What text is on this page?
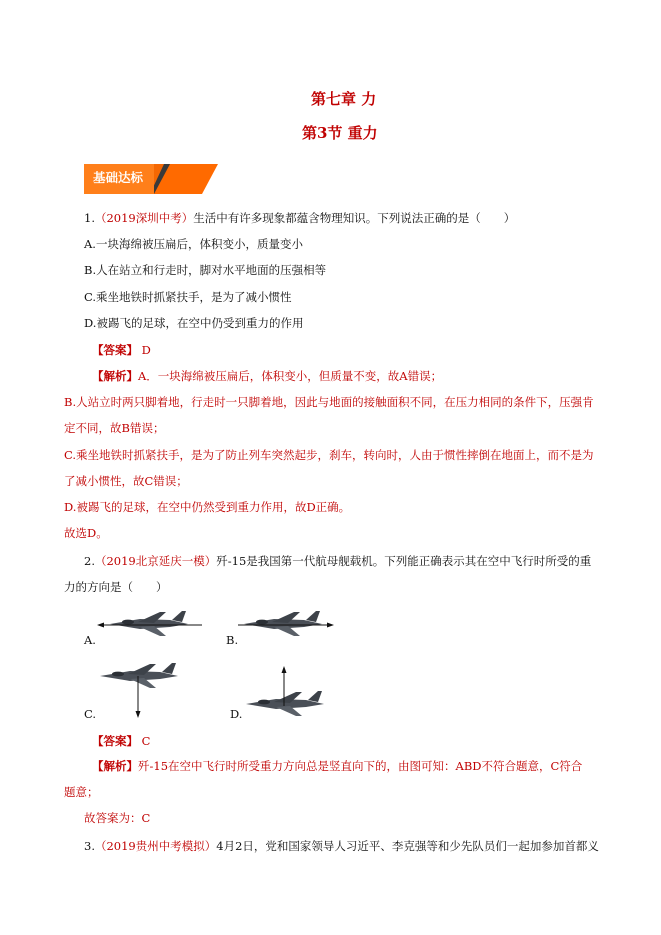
第七章 力
第3节 重力
基础达标
1.（2019深圳中考）生活中有许多现象都蕴含物理知识。下列说法正确的是（　　）
A.一块海绵被压扁后，体积变小，质量变小
B.人在站立和行走时，脚对水平地面的压强相等
C.乘坐地铁时抓紧扶手，是为了减小惯性
D.被踢飞的足球，在空中仍受到重力的作用
【答案】 D
【解析】A．一块海绵被压扁后，体积变小，但质量不变，故A错误；
B.人站立时两只脚着地，行走时一只脚着地，因此与地面的接触面积不同，在压力相同的条件下，压强肯
定不同，故B错误；
C.乘坐地铁时抓紧扶手，是为了防止列车突然起步，刹车，转向时，人由于惯性摔倒在地面上，而不是为
了减小惯性，故C错误；
D.被踢飞的足球，在空中仍然受到重力作用，故D正确。
故选D。
2.（2019北京延庆一模）歼-15是我国第一代航母舰载机。下列能正确表示其在空中飞行时所受的重
力的方向是（　　）
A.	B.
C.	D.
【答案】 C
【解析】歼-15在空中飞行时所受重力方向总是竖直向下的，由图可知：ABD不符合题意，C符合
题意；
故答案为：C
3.（2019贵州中考模拟）4月2日，党和国家领导人习近平、李克强等和少先队员们一起加参加首都义
